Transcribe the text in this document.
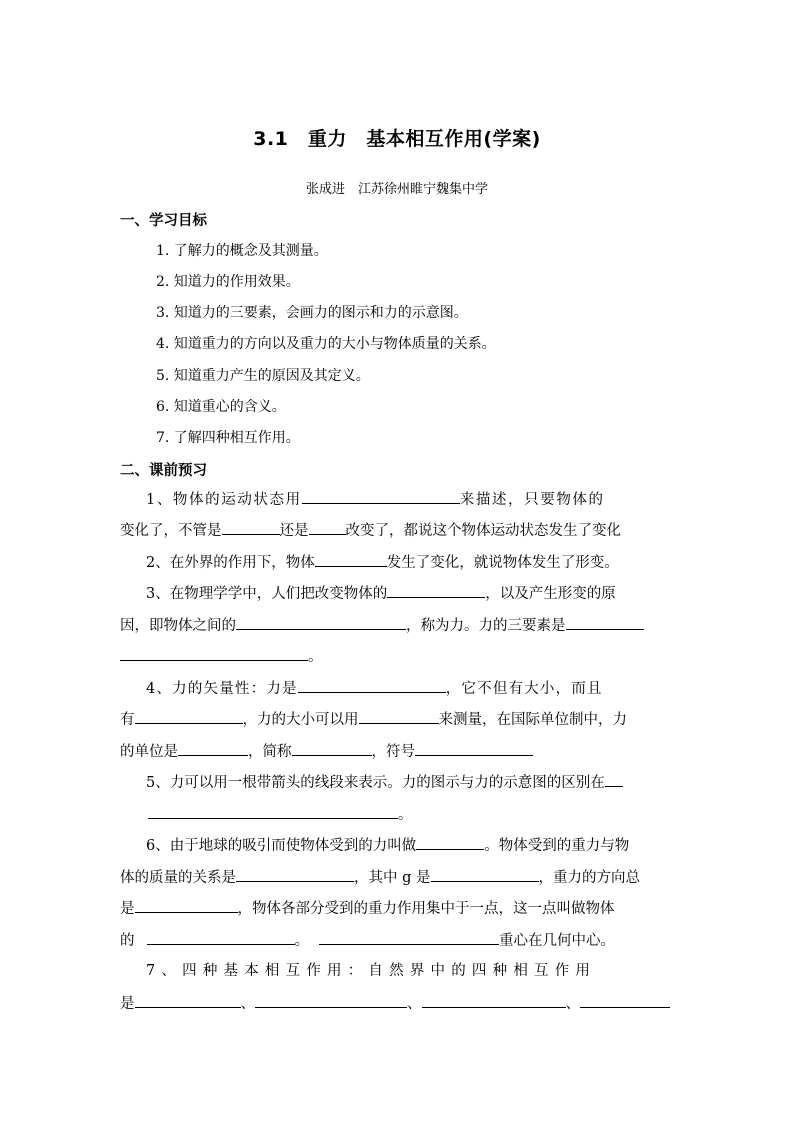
3.1　重力　基本相互作用(学案)
张成进　江苏徐州睢宁魏集中学
一、学习目标
1. 了解力的概念及其测量。
2. 知道力的作用效果。
3. 知道力的三要素，会画力的图示和力的示意图。
4. 知道重力的方向以及重力的大小与物体质量的关系。
5. 知道重力产生的原因及其定义。
6. 知道重心的含义。
7. 了解四种相互作用。
二、课前预习
1、物体的运动状态用	来描述，只要物体的
变化了，不管是	还是	改变了，都说这个物体运动状态发生了变化
2、在外界的作用下，物体	发生了变化，就说物体发生了形变。
3、在物理学学中，人们把改变物体的	，以及产生形变的原
因，即物体之间的	，称为力。力的三要素是
。
4、力的矢量性：力是	，它不但有大小，而且
有	，力的大小可以用	来测量，在国际单位制中，力
的单位是	，简称	，符号
5、力可以用一根带箭头的线段来表示。力的图示与力的示意图的区别在
。
6、由于地球的吸引而使物体受到的力叫做	。物体受到的重力与物
体的质量的关系是	，其中 g 是	，重力的方向总
是	，物体各部分受到的重力作用集中于一点，这一点叫做物体
的	。	重心在几何中心。
7、四种基本相互作用：自然界中的四种相互作用
是	、	、	、
